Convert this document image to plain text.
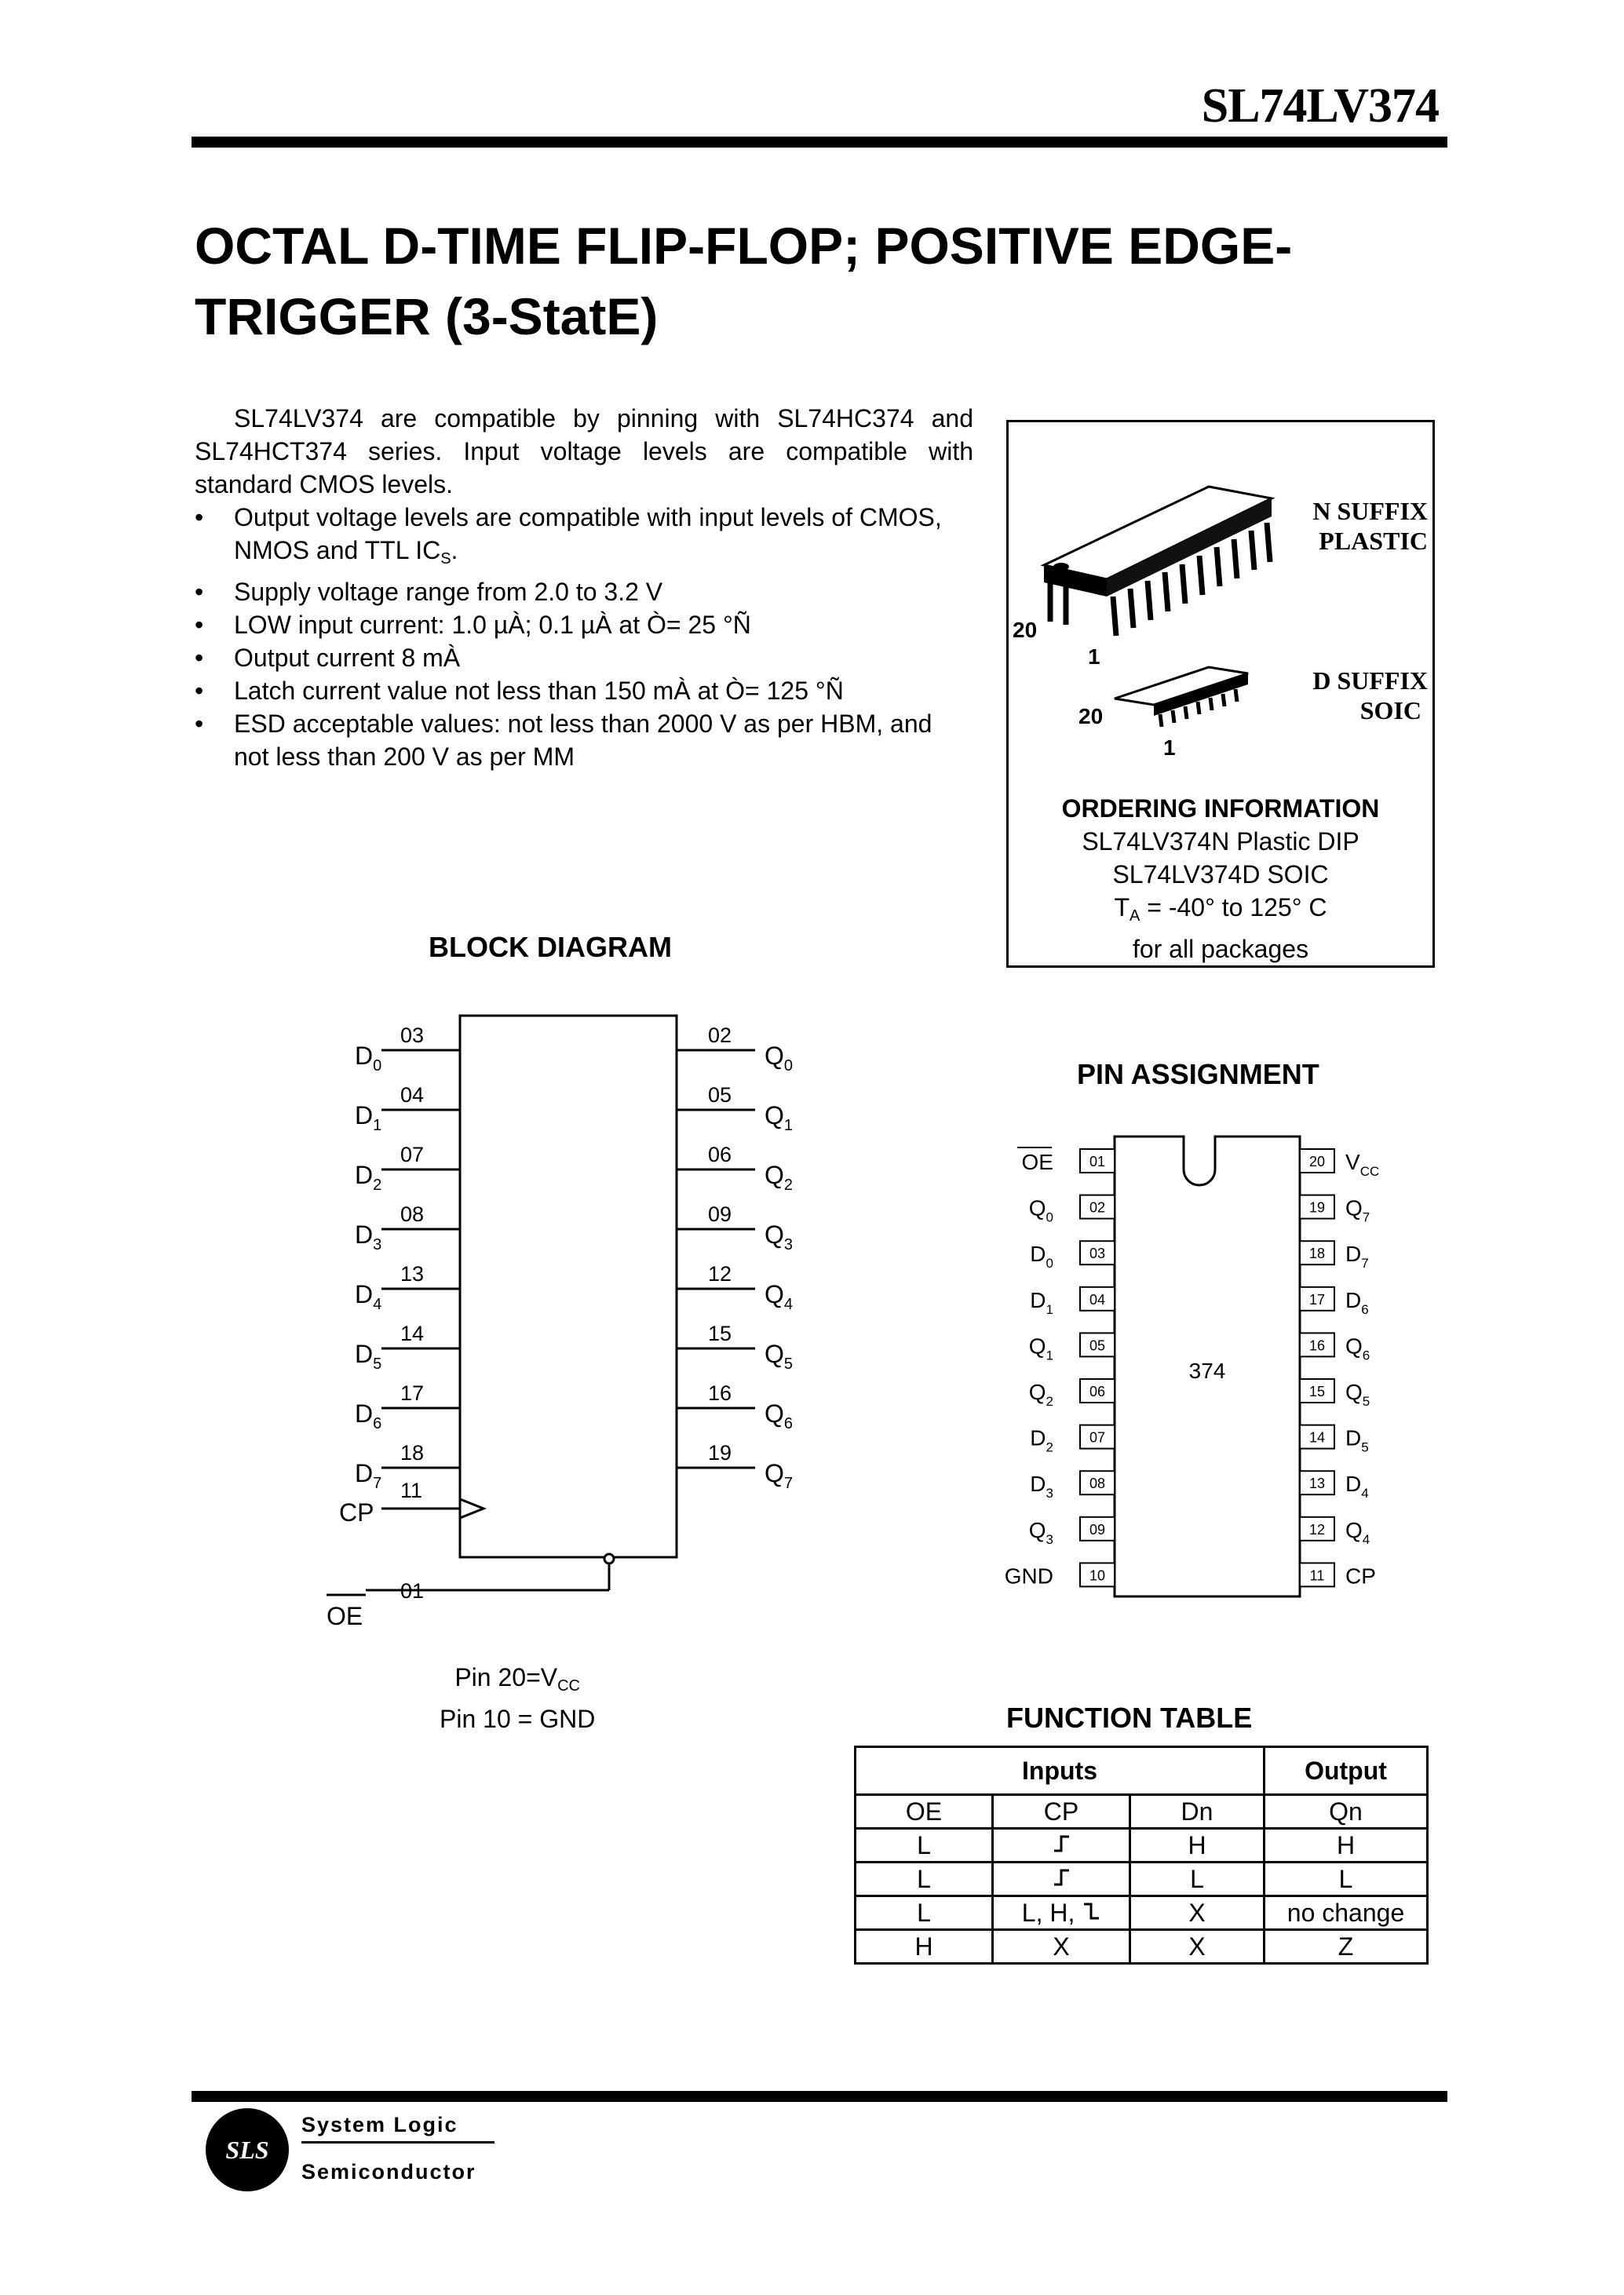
SL74LV374
OCTAL D-TIME FLIP-FLOP; POSITIVE EDGE-
TRIGGER (3-StatE)

SL74LV374 are compatible by pinning with SL74HC374 and SL74HCT374 series. Input voltage levels are compatible with standard CMOS levels.

• Output voltage levels are compatible with input levels of CMOS, NMOS and TTL $IC_S$.
• Supply voltage range from 2.0 to 3.2 V
• LOW input current: 1.0 µÀ; 0.1 µÀ at Ò= 25 °Ñ
• Output current 8 mÀ
• Latch current value not less than 150 mÀ at Ò= 125 °Ñ
• ESD acceptable values: not less than 2000 V as per HBM, and not less than 200 V as per MM
20
1
20
1
N SUFFIX
PLASTIC
D SUFFIX
SOIC
ORDERING INFORMATION
SL74LV374N Plastic DIP
SL74LV374D SOIC
$T_A = -40^\circ$ to 125° C
for all packages
BLOCK DIAGRAM
03
$D_0$
04
$D_1$
07
$D_2$
08
$D_3$
13
$D_4$
14
$D_5$
17
$D_6$
18
$D_7$
02
$Q_0$
05
$Q_1$
06
$Q_2$
09
$Q_3$
12
$Q_4$
15
$Q_5$
16
$Q_6$
19
$Q_7$
CP
11
OE
01
Pin $20=V_{CC}$
Pin 10 = GND
PIN ASSIGNMENT
374
01
OE
02
$Q_0$
03
$D_0$
04
$D_1$
05
$Q_1$
06
$Q_2$
07
$D_2$
08
$D_3$
09
$Q_3$
10
GND
20 $V_{CC}$
19 $Q_7$
18 $D_7$
17 $D_6$
16 $Q_6$
15 $Q_5$
14 $D_5$
13 $D_4$
12 $Q_4$
11 CP
FUNCTION TABLE
Inputs			Output
OE	CP	Dn	Qn
L		H	H
L		L	L
L	L, H,	X	no change
H	X	X	Z
SLS
System Logic
Semiconductor
